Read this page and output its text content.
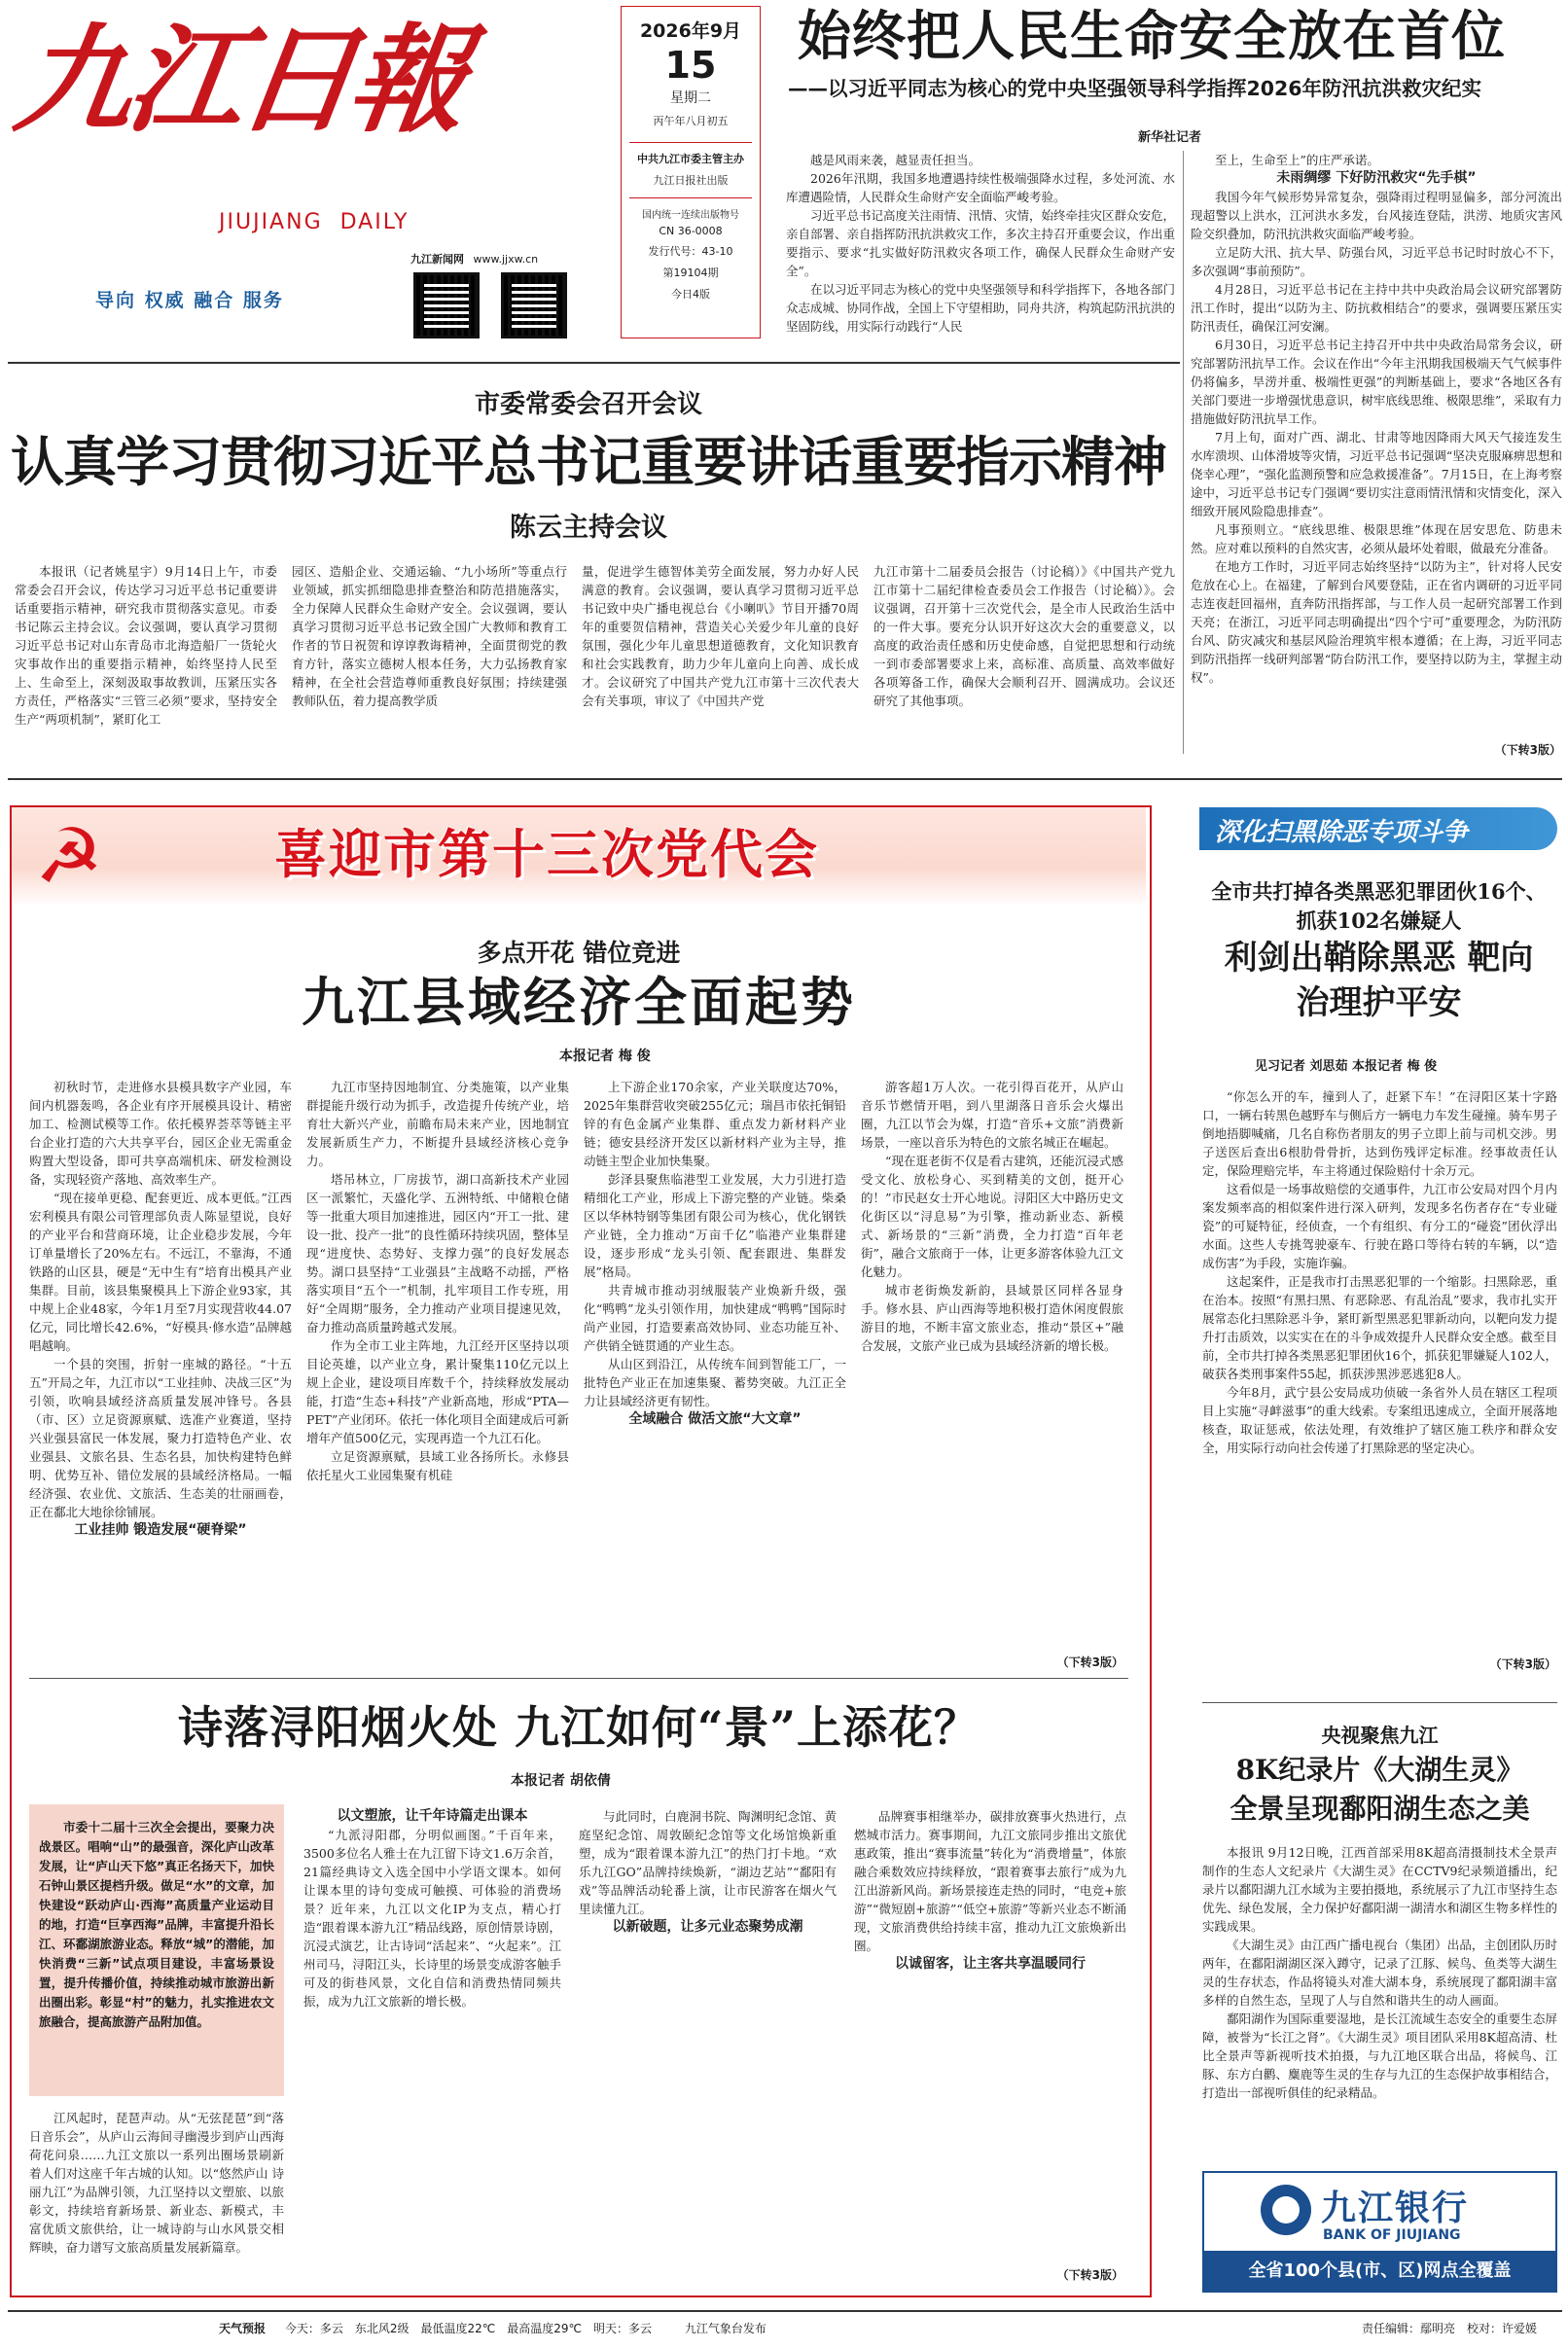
九江日報
JIUJIANG  DAILY
导向 权威 融合 服务
九江新闻网 www.jjxw.cn
2026年9月
15
星期二
丙午年八月初五
中共九江市委主管主办
九江日报社出版
国内统一连续出版物号
CN 36-0008
发行代号：43-10
第19104期
今日4版
始终把人民生命安全放在首位
——以习近平同志为核心的党中央坚强领导科学指挥2026年防汛抗洪救灾纪实
新华社记者

越是风雨来袭，越显责任担当。

2026年汛期，我国多地遭遇持续性极端强降水过程，多处河流、水库遭遇险情，人民群众生命财产安全面临严峻考验。

习近平总书记高度关注雨情、汛情、灾情，始终牵挂灾区群众安危，亲自部署、亲自指挥防汛抗洪救灾工作，多次主持召开重要会议，作出重要指示、要求“扎实做好防汛救灾各项工作，确保人民群众生命财产安全”。

在以习近平同志为核心的党中央坚强领导和科学指挥下，各地各部门众志成城、协同作战，全国上下守望相助，同舟共济，构筑起防汛抗洪的坚固防线，用实际行动践行“人民

至上，生命至上”的庄严承诺。

未雨绸缪 下好防汛救灾“先手棋”

我国今年气候形势异常复杂，强降雨过程明显偏多，部分河流出现超警以上洪水，江河洪水多发，台风接连登陆，洪涝、地质灾害风险交织叠加，防汛抗洪救灾面临严峻考验。

立足防大汛、抗大旱、防强台风，习近平总书记时时放心不下，多次强调“事前预防”。

4月28日，习近平总书记在主持中共中央政治局会议研究部署防汛工作时，提出“以防为主、防抗救相结合”的要求，强调要压紧压实防汛责任，确保江河安澜。

6月30日，习近平总书记主持召开中共中央政治局常务会议，研究部署防汛抗旱工作。会议在作出“今年主汛期我国极端天气气候事件仍将偏多，旱涝并重、极端性更强”的判断基础上，要求“各地区各有关部门要进一步增强忧患意识，树牢底线思维、极限思维”，采取有力措施做好防汛抗旱工作。

7月上旬，面对广西、湖北、甘肃等地因降雨大风天气接连发生水库溃坝、山体滑坡等灾情，习近平总书记强调“坚决克服麻痹思想和侥幸心理”，“强化监测预警和应急救援准备”。7月15日，在上海考察途中，习近平总书记专门强调“要切实注意雨情汛情和灾情变化，深入细致开展风险隐患排查”。

凡事预则立。“底线思维、极限思维”体现在居安思危、防患未然。应对难以预料的自然灾害，必须从最坏处着眼，做最充分准备。

在地方工作时，习近平同志始终坚持“以防为主”，针对将人民安危放在心上。在福建，了解到台风要登陆，正在省内调研的习近平同志连夜赶回福州，直奔防汛指挥部，与工作人员一起研究部署工作到天亮；在浙江，习近平同志明确提出“四个宁可”重要理念，为防汛防台风、防灾减灾和基层风险治理筑牢根本遵循；在上海，习近平同志到防汛指挥一线研判部署“防台防汛工作，要坚持以防为主，掌握主动权”。

（下转3版）
市委常委会召开会议
认真学习贯彻习近平总书记重要讲话重要指示精神
陈云主持会议
本报讯（记者姚星宇）9月14日上午，市委常委会召开会议，传达学习习近平总书记重要讲话重要指示精神，研究我市贯彻落实意见。市委书记陈云主持会议。会议强调，要认真学习贯彻习近平总书记对山东青岛市北海造船厂一货轮火灾事故作出的重要指示精神，始终坚持人民至上、生命至上，深刻汲取事故教训，压紧压实各方责任，严格落实“三管三必须”要求，坚持安全生产“两项机制”，紧盯化工
园区、造船企业、交通运输、“九小场所”等重点行业领域，抓实抓细隐患排查整治和防范措施落实，全力保障人民群众生命财产安全。会议强调，要认真学习贯彻习近平总书记致全国广大教师和教育工作者的节日祝贺和谆谆教诲精神，全面贯彻党的教育方针，落实立德树人根本任务，大力弘扬教育家精神，在全社会营造尊师重教良好氛围；持续建强教师队伍，着力提高教学质
量，促进学生德智体美劳全面发展，努力办好人民满意的教育。会议强调，要认真学习贯彻习近平总书记致中央广播电视总台《小喇叭》节目开播70周年的重要贺信精神，营造关心关爱少年儿童的良好氛围，强化少年儿童思想道德教育，文化知识教育和社会实践教育，助力少年儿童向上向善、成长成才。会议研究了中国共产党九江市第十三次代表大会有关事项，审议了《中国共产党
九江市第十二届委员会报告（讨论稿）》《中国共产党九江市第十二届纪律检查委员会工作报告（讨论稿）》。会议强调，召开第十三次党代会，是全市人民政治生活中的一件大事。要充分认识开好这次大会的重要意义，以高度的政治责任感和历史使命感，自觉把思想和行动统一到市委部署要求上来，高标准、高质量、高效率做好各项筹备工作，确保大会顺利召开、圆满成功。会议还研究了其他事项。
☭	喜迎市第十三次党代会
多点开花 错位竞进
九江县域经济全面起势
本报记者 梅 俊

初秋时节，走进修水县模具数字产业园，车间内机器轰鸣，各企业有序开展模具设计、精密加工、检测试模等工作。依托模界荟萃等链主平台企业打造的六大共享平台，园区企业无需重金购置大型设备，即可共享高端机床、研发检测设备，实现轻资产落地、高效率生产。

“现在接单更稳、配套更近、成本更低。”江西宏利模具有限公司管理部负责人陈显望说，良好的产业平台和营商环境，让企业稳步发展，今年订单量增长了20%左右。不远江，不靠海，不通铁路的山区县，硬是“无中生有”培育出模具产业集群。目前，该县集聚模具上下游企业93家，其中规上企业48家，今年1月至7月实现营收44.07亿元，同比增长42.6%，“好模具·修水造”品牌越唱越响。

一个县的突围，折射一座城的路径。“十五五”开局之年，九江市以“工业挂帅、决战三区”为引领，吹响县域经济高质量发展冲锋号。各县（市、区）立足资源禀赋、选准产业赛道，坚持兴业强县富民一体发展，聚力打造特色产业、农业强县、文旅名县、生态名县，加快构建特色鲜明、优势互补、错位发展的县域经济格局。一幅经济强、农业优、文旅活、生态美的壮丽画卷，正在鄱北大地徐徐铺展。

工业挂帅 锻造发展“硬脊梁”

九江市坚持因地制宜、分类施策，以产业集群提能升级行动为抓手，改造提升传统产业，培育壮大新兴产业，前瞻布局未来产业，因地制宜发展新质生产力，不断提升县域经济核心竞争力。

塔吊林立，厂房拔节，湖口高新技术产业园区一派繁忙，天盛化学、五洲特纸、中储粮仓储等一批重大项目加速推进，园区内“开工一批、建设一批、投产一批”的良性循环持续巩固，整体呈现“进度快、态势好、支撑力强”的良好发展态势。湖口县坚持“工业强县”主战略不动摇，严格落实项目“五个一”机制，扎牢项目工作专班，用好“全周期”服务，全力推动产业项目提速见效，奋力推动高质量跨越式发展。

作为全市工业主阵地，九江经开区坚持以项目论英雄，以产业立身，累计聚集110亿元以上规上企业，建设项目库数千个，持续释放发展动能，打造“生态+科技”产业新高地，形成“PTA—PET”产业闭环。依托一体化项目全面建成后可新增年产值500亿元，实现再造一个九江石化。

立足资源禀赋，县域工业各扬所长。永修县依托星火工业园集聚有机硅

上下游企业170余家，产业关联度达70%，2025年集群营收突破255亿元；瑞昌市依托铜铅锌的有色金属产业集群、重点发力新材料产业链；德安县经济开发区以新材料产业为主导，推动链主型企业加快集聚。

彭泽县聚焦临港型工业发展，大力引进打造精细化工产业，形成上下游完整的产业链。柴桑区以华林特钢等集团有限公司为核心，优化钢铁产业链，全力推动“万亩千亿”临港产业集群建设，逐步形成“龙头引领、配套跟进、集群发展”格局。

共青城市推动羽绒服装产业焕新升级，强化“鸭鸭”龙头引领作用，加快建成“鸭鸭”国际时尚产业园，打造要素高效协同、业态功能互补、产供销全链贯通的产业生态。

从山区到沿江，从传统车间到智能工厂，一批特色产业正在加速集聚、蓄势突破。九江正全力让县域经济更有韧性。

全域融合 做活文旅“大文章”

游客超1万人次。一花引得百花开，从庐山音乐节燃情开唱，到八里湖落日音乐会火爆出圈，九江以节会为媒，打造“音乐+文旅”消费新场景，一座以音乐为特色的文旅名城正在崛起。

“现在逛老街不仅是看古建筑，还能沉浸式感受文化、放松身心、买到精美的文创，挺开心的！”市民赵女士开心地说。浔阳区大中路历史文化街区以“浔息易”为引擎，推动新业态、新模式、新场景的“三新”消费，全力打造“百年老街”，融合文旅商于一体，让更多游客体验九江文化魅力。

城市老街焕发新韵，县域景区同样各显身手。修水县、庐山西海等地积极打造休闲度假旅游目的地，不断丰富文旅业态，推动“景区+”融合发展，文旅产业已成为县域经济新的增长极。

（下转3版）
诗落浔阳烟火处 九江如何“景”上添花？
本报记者 胡依倩
市委十二届十三次全会提出，要聚力决战景区。唱响“山”的最强音，深化庐山改革发展，让“庐山天下悠”真正名扬天下，加快石钟山景区提档升级。做足“水”的文章，加快建设“跃动庐山·西海”高质量产业运动目的地，打造“巨享西海”品牌，丰富提升沿长江、环鄱湖旅游业态。释放“城”的潜能，加快消费“三新”试点项目建设，丰富场景设置，提升传播价值，持续推动城市旅游出新出圈出彩。彰显“村”的魅力，扎实推进农文旅融合，提高旅游产品附加值。
江风起时，琵琶声动。从“无弦琵琶”到“落日音乐会”，从庐山云海间寻幽漫步到庐山西海荷花问泉……九江文旅以一系列出圈场景刷新着人们对这座千年古城的认知。以“悠然庐山 诗丽九江”为品牌引领，九江坚持以文塑旅、以旅彰文，持续培育新场景、新业态、新模式，丰富优质文旅供给，让一城诗韵与山水风景交相辉映，奋力谱写文旅高质量发展新篇章。

以文塑旅，让千年诗篇走出课本

“九派浔阳郡，分明似画图。”千百年来，3500多位名人雅士在九江留下诗文1.6万余首，21篇经典诗文入选全国中小学语文课本。如何让课本里的诗句变成可触摸、可体验的消费场景？近年来，九江以文化IP为支点，精心打造“跟着课本游九江”精品线路，原创情景诗剧，沉浸式演艺，让古诗词“活起来”、“火起来”。江州司马，浔阳江头，长诗里的场景变成游客触手可及的街巷风景，文化自信和消费热情同频共振，成为九江文旅新的增长极。

与此同时，白鹿洞书院、陶渊明纪念馆、黄庭坚纪念馆、周敦颐纪念馆等文化场馆焕新重塑，成为“跟着课本游九江”的热门打卡地。“欢乐九江GO”品牌持续焕新，“湖边艺站”“鄱阳有戏”等品牌活动轮番上演，让市民游客在烟火气里读懂九江。

以新破题，让多元业态聚势成潮

品牌赛事相继举办，碳排放赛事火热进行，点燃城市活力。赛事期间，九江文旅同步推出文旅优惠政策，推出“赛事流量”转化为“消费增量”，体旅融合乘数效应持续释放，“跟着赛事去旅行”成为九江出游新风尚。新场景接连走热的同时，“电竞+旅游”“微短剧+旅游”“低空+旅游”等新兴业态不断涌现，文旅消费供给持续丰富，推动九江文旅焕新出圈。

以诚留客，让主客共享温暖同行

（下转3版）
深化扫黑除恶专项斗争
全市共打掉各类黑恶犯罪团伙16个、抓获102名嫌疑人
利剑出鞘除黑恶 靶向治理护平安
见习记者 刘思茹 本报记者 梅 俊

“你怎么开的车，撞到人了，赶紧下车！”在浔阳区某十字路口，一辆右转黑色越野车与侧后方一辆电力车发生碰撞。骑车男子倒地捂脚喊痛，几名自称伤者朋友的男子立即上前与司机交涉。男子送医后查出6根肋骨骨折，达到伤残评定标准。经事故责任认定，保险理赔完毕，车主将通过保险赔付十余万元。

这看似是一场事故赔偿的交通事件，九江市公安局对四个月内案发频率高的相似案件进行深入研判，发现多名伤者存在“专业碰瓷”的可疑特征，经侦查，一个有组织、有分工的“碰瓷”团伙浮出水面。这些人专挑驾驶豪车、行驶在路口等待右转的车辆，以“造成伤害”为手段，实施诈骗。

这起案件，正是我市打击黑恶犯罪的一个缩影。扫黑除恶，重在治本。按照“有黑扫黑、有恶除恶、有乱治乱”要求，我市扎实开展常态化扫黑除恶斗争，紧盯新型黑恶犯罪新动向，以靶向发力提升打击质效，以实实在在的斗争成效提升人民群众安全感。截至目前，全市共打掉各类黑恶犯罪团伙16个，抓获犯罪嫌疑人102人，破获各类刑事案件55起，抓获涉黑涉恶逃犯8人。

今年8月，武宁县公安局成功侦破一条省外人员在辖区工程项目上实施“寻衅滋事”的重大线索。专案组迅速成立，全面开展落地核查，取证惩戒，依法处理，有效维护了辖区施工秩序和群众安全，用实际行动向社会传递了打黑除恶的坚定决心。

（下转3版）
央视聚焦九江
8K纪录片《大湖生灵》
全景呈现鄱阳湖生态之美

本报讯 9月12日晚，江西首部采用8K超高清摄制技术全景声制作的生态人文纪录片《大湖生灵》在CCTV9纪录频道播出，纪录片以鄱阳湖九江水域为主要拍摄地，系统展示了九江市坚持生态优先、绿色发展，全力保护好鄱阳湖一湖清水和湖区生物多样性的实践成果。

《大湖生灵》由江西广播电视台（集团）出品，主创团队历时两年，在鄱阳湖湖区深入蹲守，记录了江豚、候鸟、鱼类等大湖生灵的生存状态，作品将镜头对准大湖本身，系统展现了鄱阳湖丰富多样的自然生态，呈现了人与自然和谐共生的动人画面。

鄱阳湖作为国际重要湿地，是长江流域生态安全的重要生态屏障，被誉为“长江之肾”。《大湖生灵》项目团队采用8K超高清、杜比全景声等新视听技术拍摄，与九江地区联合出品，将候鸟、江豚、东方白鹳、麋鹿等生灵的生存与九江的生态保护故事相结合，打造出一部视听俱佳的纪录精品。

九江银行
BANK OF JIUJIANG
全省100个县(市、区)网点全覆盖
天气预报 今天：多云　东北风2级　最低温度22℃　最高温度29℃　明天：多云	九江气象台发布	责任编辑：鄢明亮　校对：许爱媛
